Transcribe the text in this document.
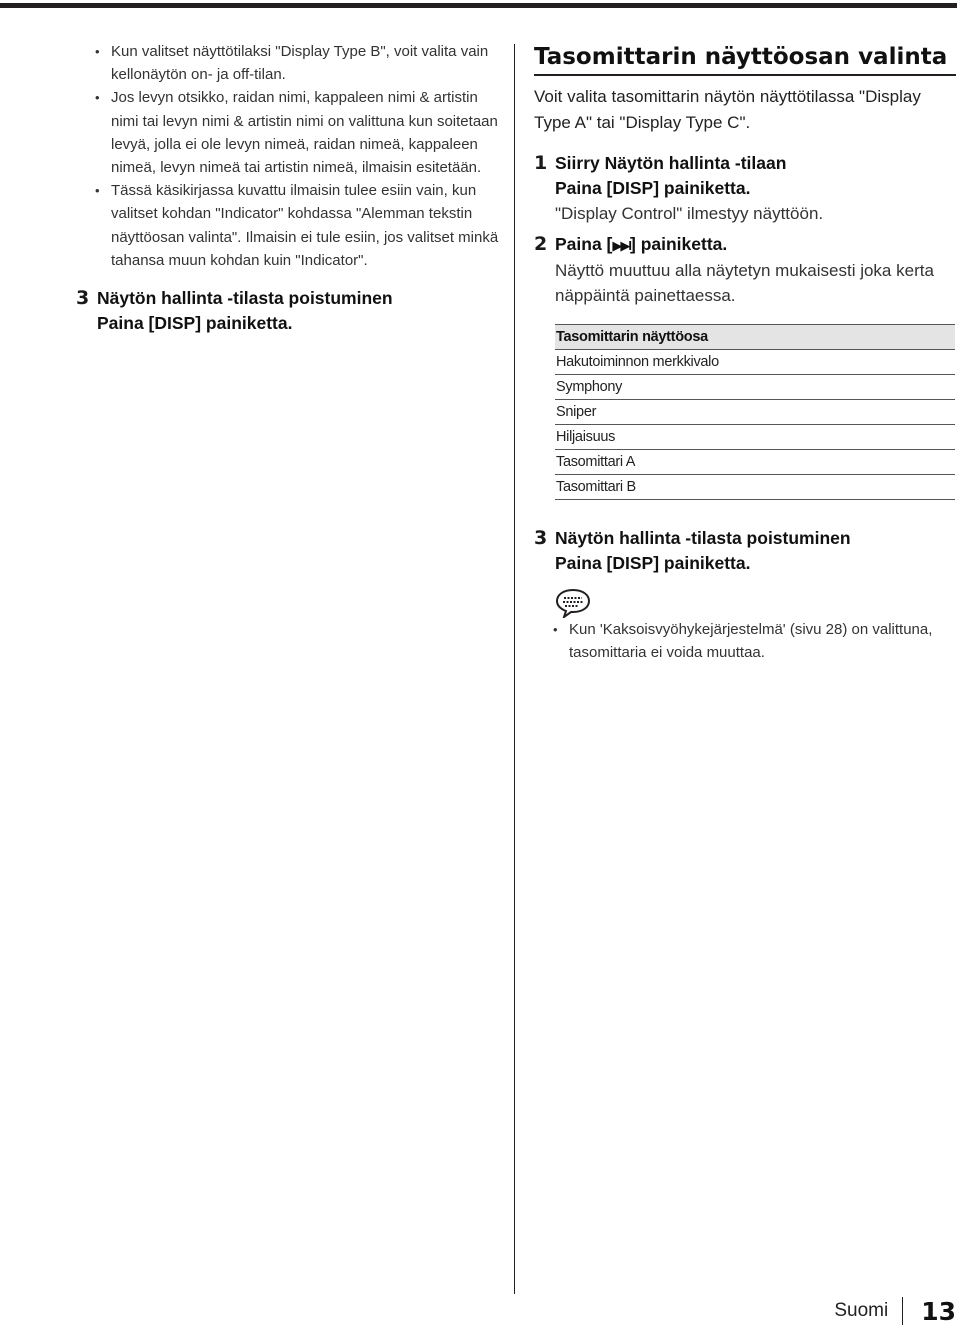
• Kun valitset näyttötilaksi "Display Type B", voit valita vain kellonäytön on- ja off-tilan.
• Jos levyn otsikko, raidan nimi, kappaleen nimi & artistin nimi tai levyn nimi & artistin nimi on valittuna kun soitetaan levyä, jolla ei ole levyn nimeä, raidan nimeä, kappaleen nimeä, levyn nimeä tai artistin nimeä, ilmaisin esitetään.
• Tässä käsikirjassa kuvattu ilmaisin tulee esiin vain, kun valitset kohdan "Indicator" kohdassa "Alemman tekstin näyttöosan valinta". Ilmaisin ei tule esiin, jos valitset minkä tahansa muun kohdan kuin "Indicator".
3 Näytön hallinta -tilasta poistuminen
Paina [DISP] painiketta.
Tasomittarin näyttöosan valinta
Voit valita tasomittarin näytön näyttötilassa "Display Type A" tai "Display Type C".
1 Siirry Näytön hallinta -tilaan
Paina [DISP] painiketta.
"Display Control" ilmestyy näyttöön.
2 Paina [▶▶I] painiketta.
Näyttö muuttuu alla näytetyn mukaisesti joka kerta näppäintä painettaessa.
Tasomittarin näyttöosa
Hakutoiminnon merkkivalo
Symphony
Sniper
Hiljaisuus
Tasomittari A
Tasomittari B
3 Näytön hallinta -tilasta poistuminen
Paina [DISP] painiketta.
• Kun 'Kaksoisvyöhykejärjestelmä' (sivu 28) on valittuna, tasomittaria ei voida muuttaa.
Suomi	13
